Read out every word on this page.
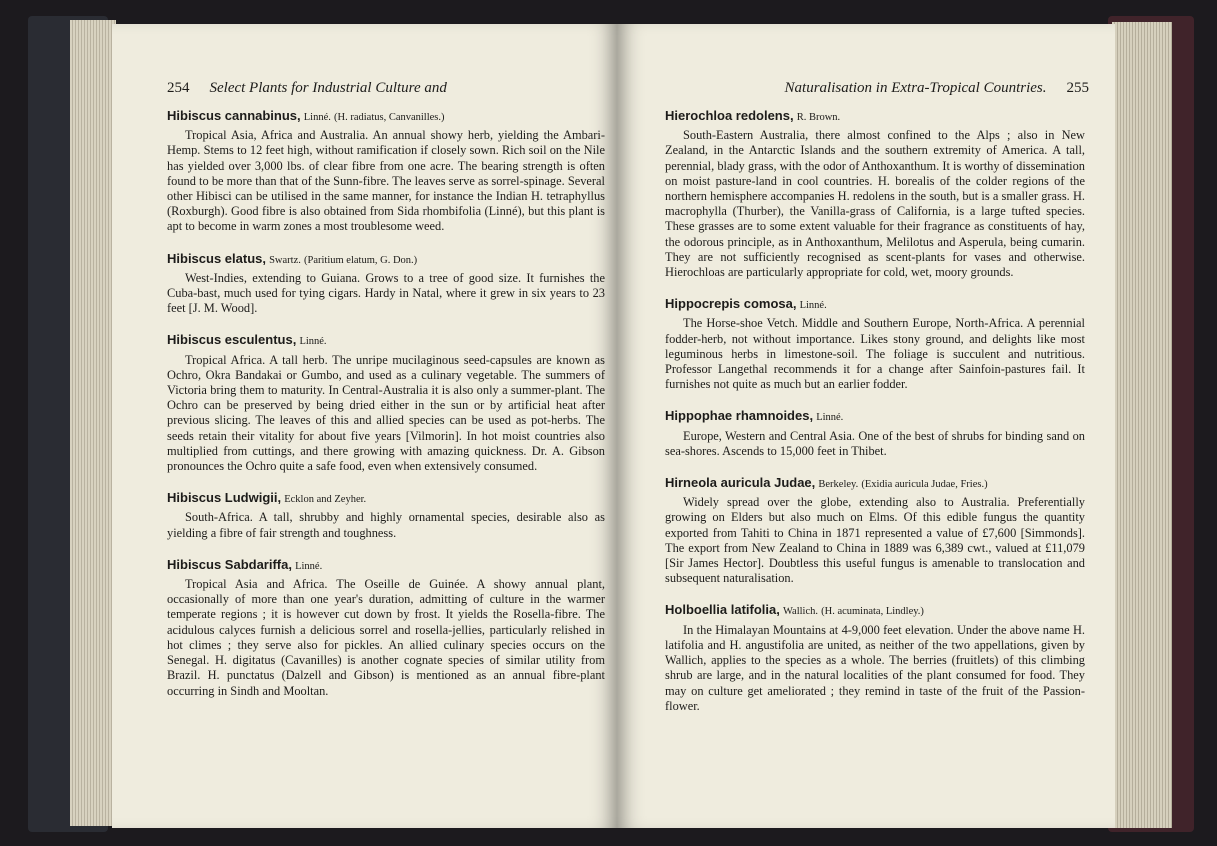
254 Select Plants for Industrial Culture and

Hibiscus cannabinus, Linné. (H. radiatus, Canvanilles.)

Tropical Asia, Africa and Australia. An annual showy herb, yielding the Ambari-Hemp. Stems to 12 feet high, without ramification if closely sown. Rich soil on the Nile has yielded over 3,000 lbs. of clear fibre from one acre. The bearing strength is often found to be more than that of the Sunn-fibre. The leaves serve as sorrel-spinage. Several other Hibisci can be utilised in the same manner, for instance the Indian H. tetraphyllus (Roxburgh). Good fibre is also obtained from Sida rhombifolia (Linné), but this plant is apt to become in warm zones a most troublesome weed.

Hibiscus elatus, Swartz. (Paritium elatum, G. Don.)

West-Indies, extending to Guiana. Grows to a tree of good size. It furnishes the Cuba-bast, much used for tying cigars. Hardy in Natal, where it grew in six years to 23 feet [J. M. Wood].

Hibiscus esculentus, Linné.

Tropical Africa. A tall herb. The unripe mucilaginous seed-capsules are known as Ochro, Okra Bandakai or Gumbo, and used as a culinary vegetable. The summers of Victoria bring them to maturity. In Central-Australia it is also only a summer-plant. The Ochro can be preserved by being dried either in the sun or by artificial heat after previous slicing. The leaves of this and allied species can be used as pot-herbs. The seeds retain their vitality for about five years [Vilmorin]. In hot moist countries also multiplied from cuttings, and there growing with amazing quickness. Dr. A. Gibson pronounces the Ochro quite a safe food, even when extensively consumed.

Hibiscus Ludwigii, Ecklon and Zeyher.

South-Africa. A tall, shrubby and highly ornamental species, desirable also as yielding a fibre of fair strength and toughness.

Hibiscus Sabdariffa, Linné.

Tropical Asia and Africa. The Oseille de Guinée. A showy annual plant, occasionally of more than one year's duration, admitting of culture in the warmer temperate regions ; it is however cut down by frost. It yields the Rosella-fibre. The acidulous calyces furnish a delicious sorrel and rosella-jellies, particularly relished in hot climes ; they serve also for pickles. An allied culinary species occurs on the Senegal. H. digitatus (Cavanilles) is another cognate species of similar utility from Brazil. H. punctatus (Dalzell and Gibson) is mentioned as an annual fibre-plant occurring in Sindh and Mooltan.

Naturalisation in Extra-Tropical Countries. 255

Hierochloa redolens, R. Brown.

South-Eastern Australia, there almost confined to the Alps ; also in New Zealand, in the Antarctic Islands and the southern extremity of America. A tall, perennial, blady grass, with the odor of Anthoxanthum. It is worthy of dissemination on moist pasture-land in cool countries. H. borealis of the colder regions of the northern hemisphere accompanies H. redolens in the south, but is a smaller grass. H. macrophylla (Thurber), the Vanilla-grass of California, is a large tufted species. These grasses are to some extent valuable for their fragrance as constituents of hay, the odorous principle, as in Anthoxanthum, Melilotus and Asperula, being cumarin. They are not sufficiently recognised as scent-plants for vases and otherwise. Hierochloas are particularly appropriate for cold, wet, moory grounds.

Hippocrepis comosa, Linné.

The Horse-shoe Vetch. Middle and Southern Europe, North-Africa. A perennial fodder-herb, not without importance. Likes stony ground, and delights like most leguminous herbs in limestone-soil. The foliage is succulent and nutritious. Professor Langethal recommends it for a change after Sainfoin-pastures fail. It furnishes not quite as much but an earlier fodder.

Hippophae rhamnoides, Linné.

Europe, Western and Central Asia. One of the best of shrubs for binding sand on sea-shores. Ascends to 15,000 feet in Thibet.

Hirneola auricula Judae, Berkeley. (Exidia auricula Judae, Fries.)

Widely spread over the globe, extending also to Australia. Preferentially growing on Elders but also much on Elms. Of this edible fungus the quantity exported from Tahiti to China in 1871 represented a value of £7,600 [Simmonds]. The export from New Zealand to China in 1889 was 6,389 cwt., valued at £11,079 [Sir James Hector]. Doubtless this useful fungus is amenable to translocation and subsequent naturalisation.

Holboellia latifolia, Wallich. (H. acuminata, Lindley.)

In the Himalayan Mountains at 4-9,000 feet elevation. Under the above name H. latifolia and H. angustifolia are united, as neither of the two appellations, given by Wallich, applies to the species as a whole. The berries (fruitlets) of this climbing shrub are large, and in the natural localities of the plant consumed for food. They may on culture get ameliorated ; they remind in taste of the fruit of the Passion-flower.
